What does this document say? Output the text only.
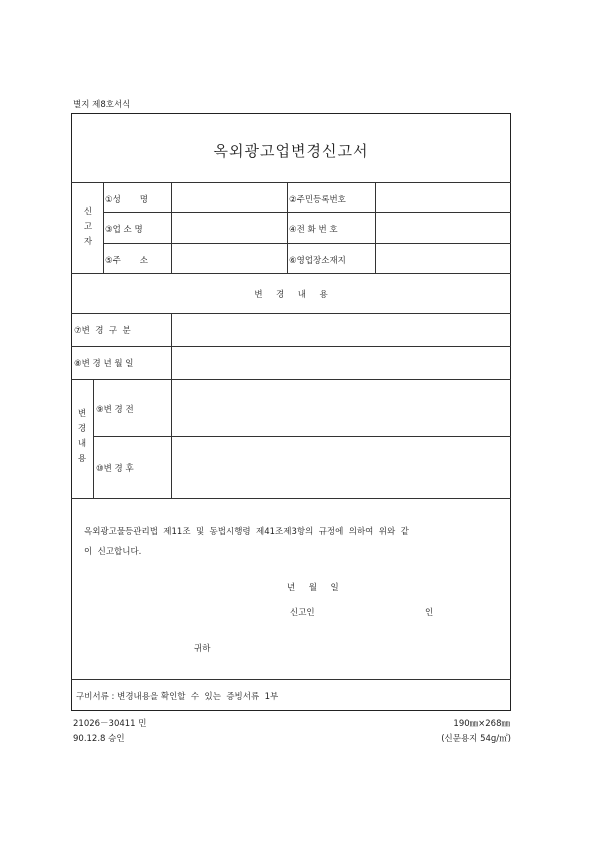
별지 제8호서식
옥외광고업변경신고서
신
고
자
①성       명	②주민등록번호
③업 소 명	④전 화 번 호
⑤주       소	⑥영업장소재지
변     경     내     용
⑦변  경  구  분
⑧변 경 년 월 일
변
경
내
용
⑨변 경 전
⑩변 경 후
옥외광고물등관리법  제11조  및  동법시행령  제41조제3항의  규정에  의하여  위와  같
이  신고합니다.
년     월     일
신고인	인
귀하
구비서류 : 변경내용을 확인할  수  있는  증빙서류  1부
21026－30411 민
90.12.8 승인
190㎜×268㎜
(신문용지 54g/㎡)
